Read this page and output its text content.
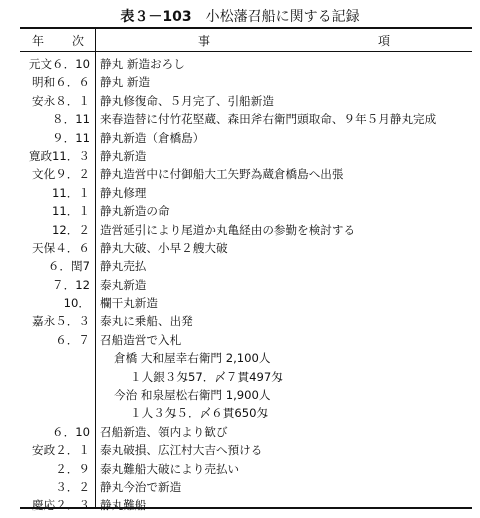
表３－103 小松藩召船に関する記録
年 次	事	項
元文６．10 静丸 新造おろし
明和６．６ 静丸 新造
安永８．１ 静丸修復命、５月完了、引船新造
８．11 来春造替に付竹花堅蔵、森田斧右衛門頭取命、９年５月静丸完成
９．11 静丸新造（倉橋島）
寛政11．３ 静丸新造
文化９．２ 静丸造営中に付御船大工矢野為蔵倉橋島へ出張
11．１ 静丸修理
11．１ 静丸新造の命
12．２ 造営延引により尾道か丸亀経由の参勤を検討する
天保４．６ 静丸大破、小早２艘大破
６．閏7 静丸売払
７．12 泰丸新造
10． 欄干丸新造
嘉永５．３ 泰丸に乗船、出発
６．７ 召船造営で入札
倉橋 大和屋幸右衛門 2,100人
１人銀３匁57．〆７貫497匁
今治 和泉屋松右衛門 1,900人
１人３匁５．〆６貫650匁
６．10 召船新造、領内より歓び
安政２．１ 泰丸破損、広江村大吉へ預ける
２．９ 泰丸難船大破により売払い
３．２ 静丸今治で新造
慶応２．３ 静丸難船
